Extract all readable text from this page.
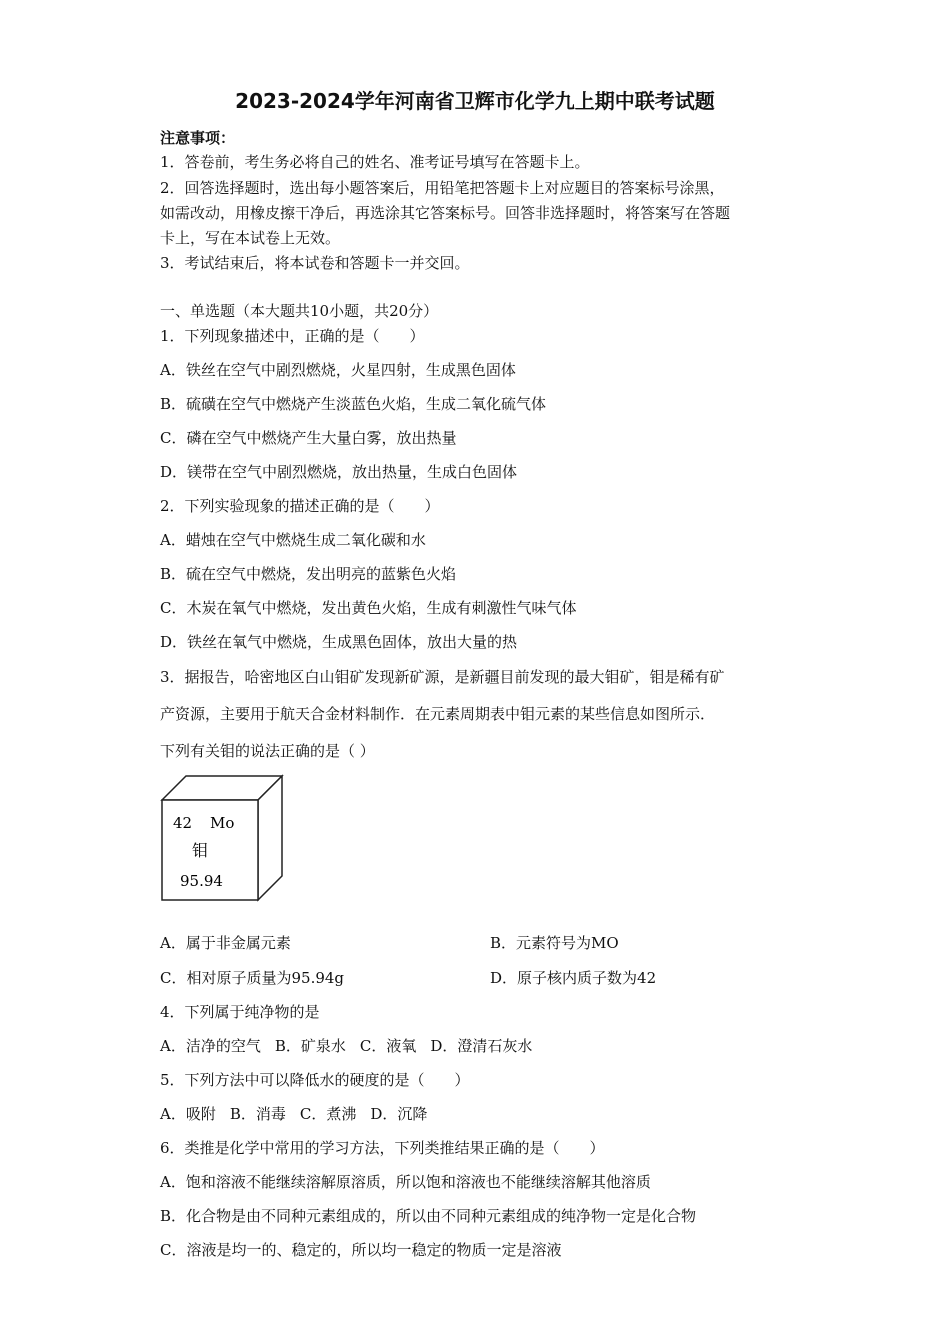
2023-2024学年河南省卫辉市化学九上期中联考试题
注意事项：
1．答卷前，考生务必将自己的姓名、准考证号填写在答题卡上。
2．回答选择题时，选出每小题答案后，用铅笔把答题卡上对应题目的答案标号涂黑，
如需改动，用橡皮擦干净后，再选涂其它答案标号。回答非选择题时，将答案写在答题
卡上，写在本试卷上无效。
3．考试结束后，将本试卷和答题卡一并交回。
一、单选题（本大题共10小题，共20分）
1．下列现象描述中，正确的是（　　）
A．铁丝在空气中剧烈燃烧，火星四射，生成黑色固体
B．硫磺在空气中燃烧产生淡蓝色火焰，生成二氧化硫气体
C．磷在空气中燃烧产生大量白雾，放出热量
D．镁带在空气中剧烈燃烧，放出热量，生成白色固体
2．下列实验现象的描述正确的是（　　）
A．蜡烛在空气中燃烧生成二氧化碳和水
B．硫在空气中燃烧，发出明亮的蓝紫色火焰
C．木炭在氧气中燃烧，发出黄色火焰，生成有刺激性气味气体
D．铁丝在氧气中燃烧，生成黑色固体，放出大量的热
3．据报告，哈密地区白山钼矿发现新矿源，是新疆目前发现的最大钼矿，钼是稀有矿
产资源，主要用于航天合金材料制作．在元素周期表中钼元素的某些信息如图所示．
下列有关钼的说法正确的是（ ）
42 Mo
钼
95.94
A．属于非金属元素	B．元素符号为MO
C．相对原子质量为95.94g	D．原子核内质子数为42
4．下列属于纯净物的是
A．洁净的空气 B．矿泉水 C．液氧 D．澄清石灰水
5．下列方法中可以降低水的硬度的是（　　）
A．吸附 B．消毒 C．煮沸 D．沉降
6．类推是化学中常用的学习方法，下列类推结果正确的是（　　）
A．饱和溶液不能继续溶解原溶质，所以饱和溶液也不能继续溶解其他溶质
B．化合物是由不同种元素组成的，所以由不同种元素组成的纯净物一定是化合物
C．溶液是均一的、稳定的，所以均一稳定的物质一定是溶液
